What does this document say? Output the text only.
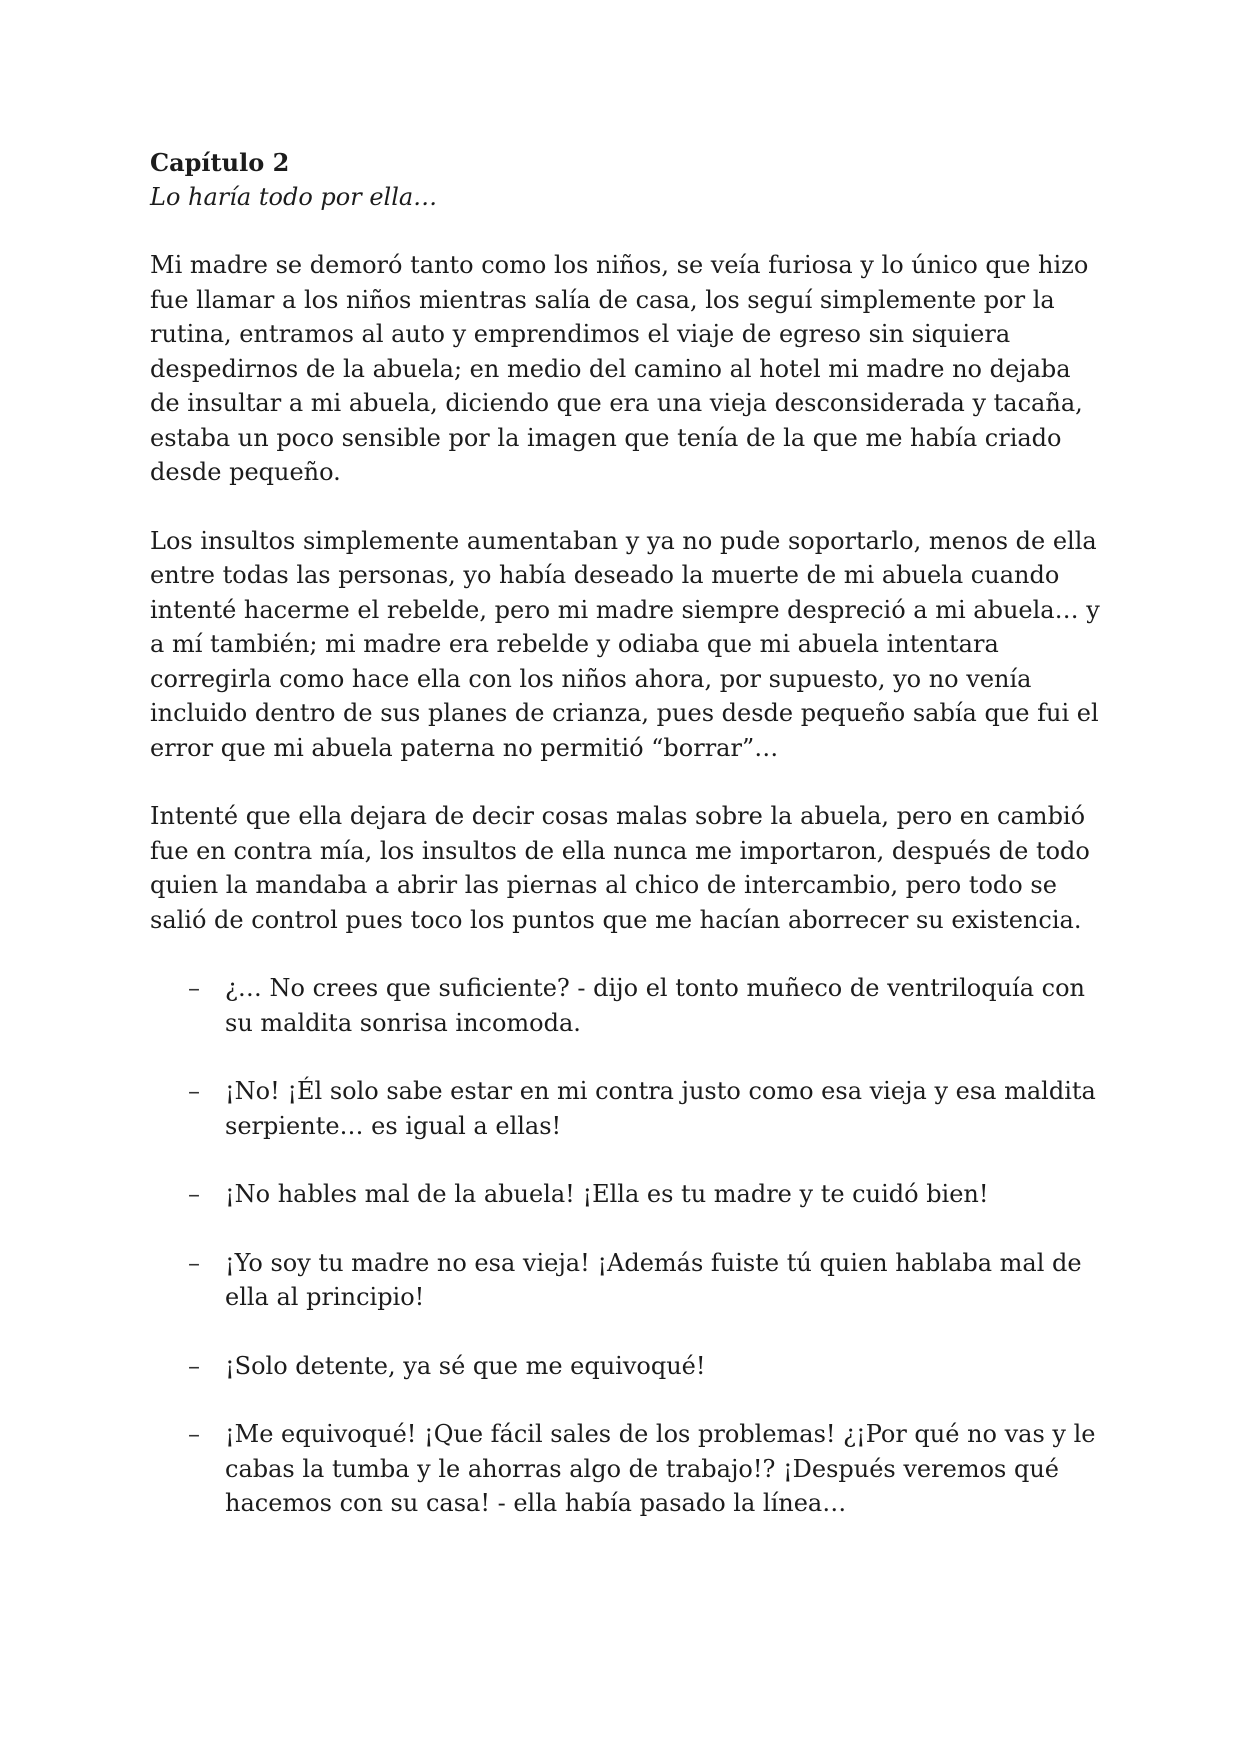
Capítulo 2

Lo haría todo por ella…

Mi madre se demoró tanto como los niños, se veía furiosa y lo único que hizo fue llamar a los niños mientras salía de casa, los seguí simplemente por la rutina, entramos al auto y emprendimos el viaje de egreso sin siquiera despedirnos de la abuela; en medio del camino al hotel mi madre no dejaba de insultar a mi abuela, diciendo que era una vieja desconsiderada y tacaña, estaba un poco sensible por la imagen que tenía de la que me había criado desde pequeño.

Los insultos simplemente aumentaban y ya no pude soportarlo, menos de ella entre todas las personas, yo había deseado la muerte de mi abuela cuando intenté hacerme el rebelde, pero mi madre siempre despreció a mi abuela… y a mí también; mi madre era rebelde y odiaba que mi abuela intentara corregirla como hace ella con los niños ahora, por supuesto, yo no venía incluido dentro de sus planes de crianza, pues desde pequeño sabía que fui el error que mi abuela paterna no permitió “borrar”…

Intenté que ella dejara de decir cosas malas sobre la abuela, pero en cambió fue en contra mía, los insultos de ella nunca me importaron, después de todo quien la mandaba a abrir las piernas al chico de intercambio, pero todo se salió de control pues toco los puntos que me hacían aborrecer su existencia.

– ¿… No crees que suficiente? - dijo el tonto muñeco de ventriloquía con su maldita sonrisa incomoda.
– ¡No! ¡Él solo sabe estar en mi contra justo como esa vieja y esa maldita serpiente… es igual a ellas!
– ¡No hables mal de la abuela! ¡Ella es tu madre y te cuidó bien!
– ¡Yo soy tu madre no esa vieja! ¡Además fuiste tú quien hablaba mal de ella al principio!
– ¡Solo detente, ya sé que me equivoqué!
– ¡Me equivoqué! ¡Que fácil sales de los problemas! ¿¡Por qué no vas y le cabas la tumba y le ahorras algo de trabajo!? ¡Después veremos qué hacemos con su casa! - ella había pasado la línea…
